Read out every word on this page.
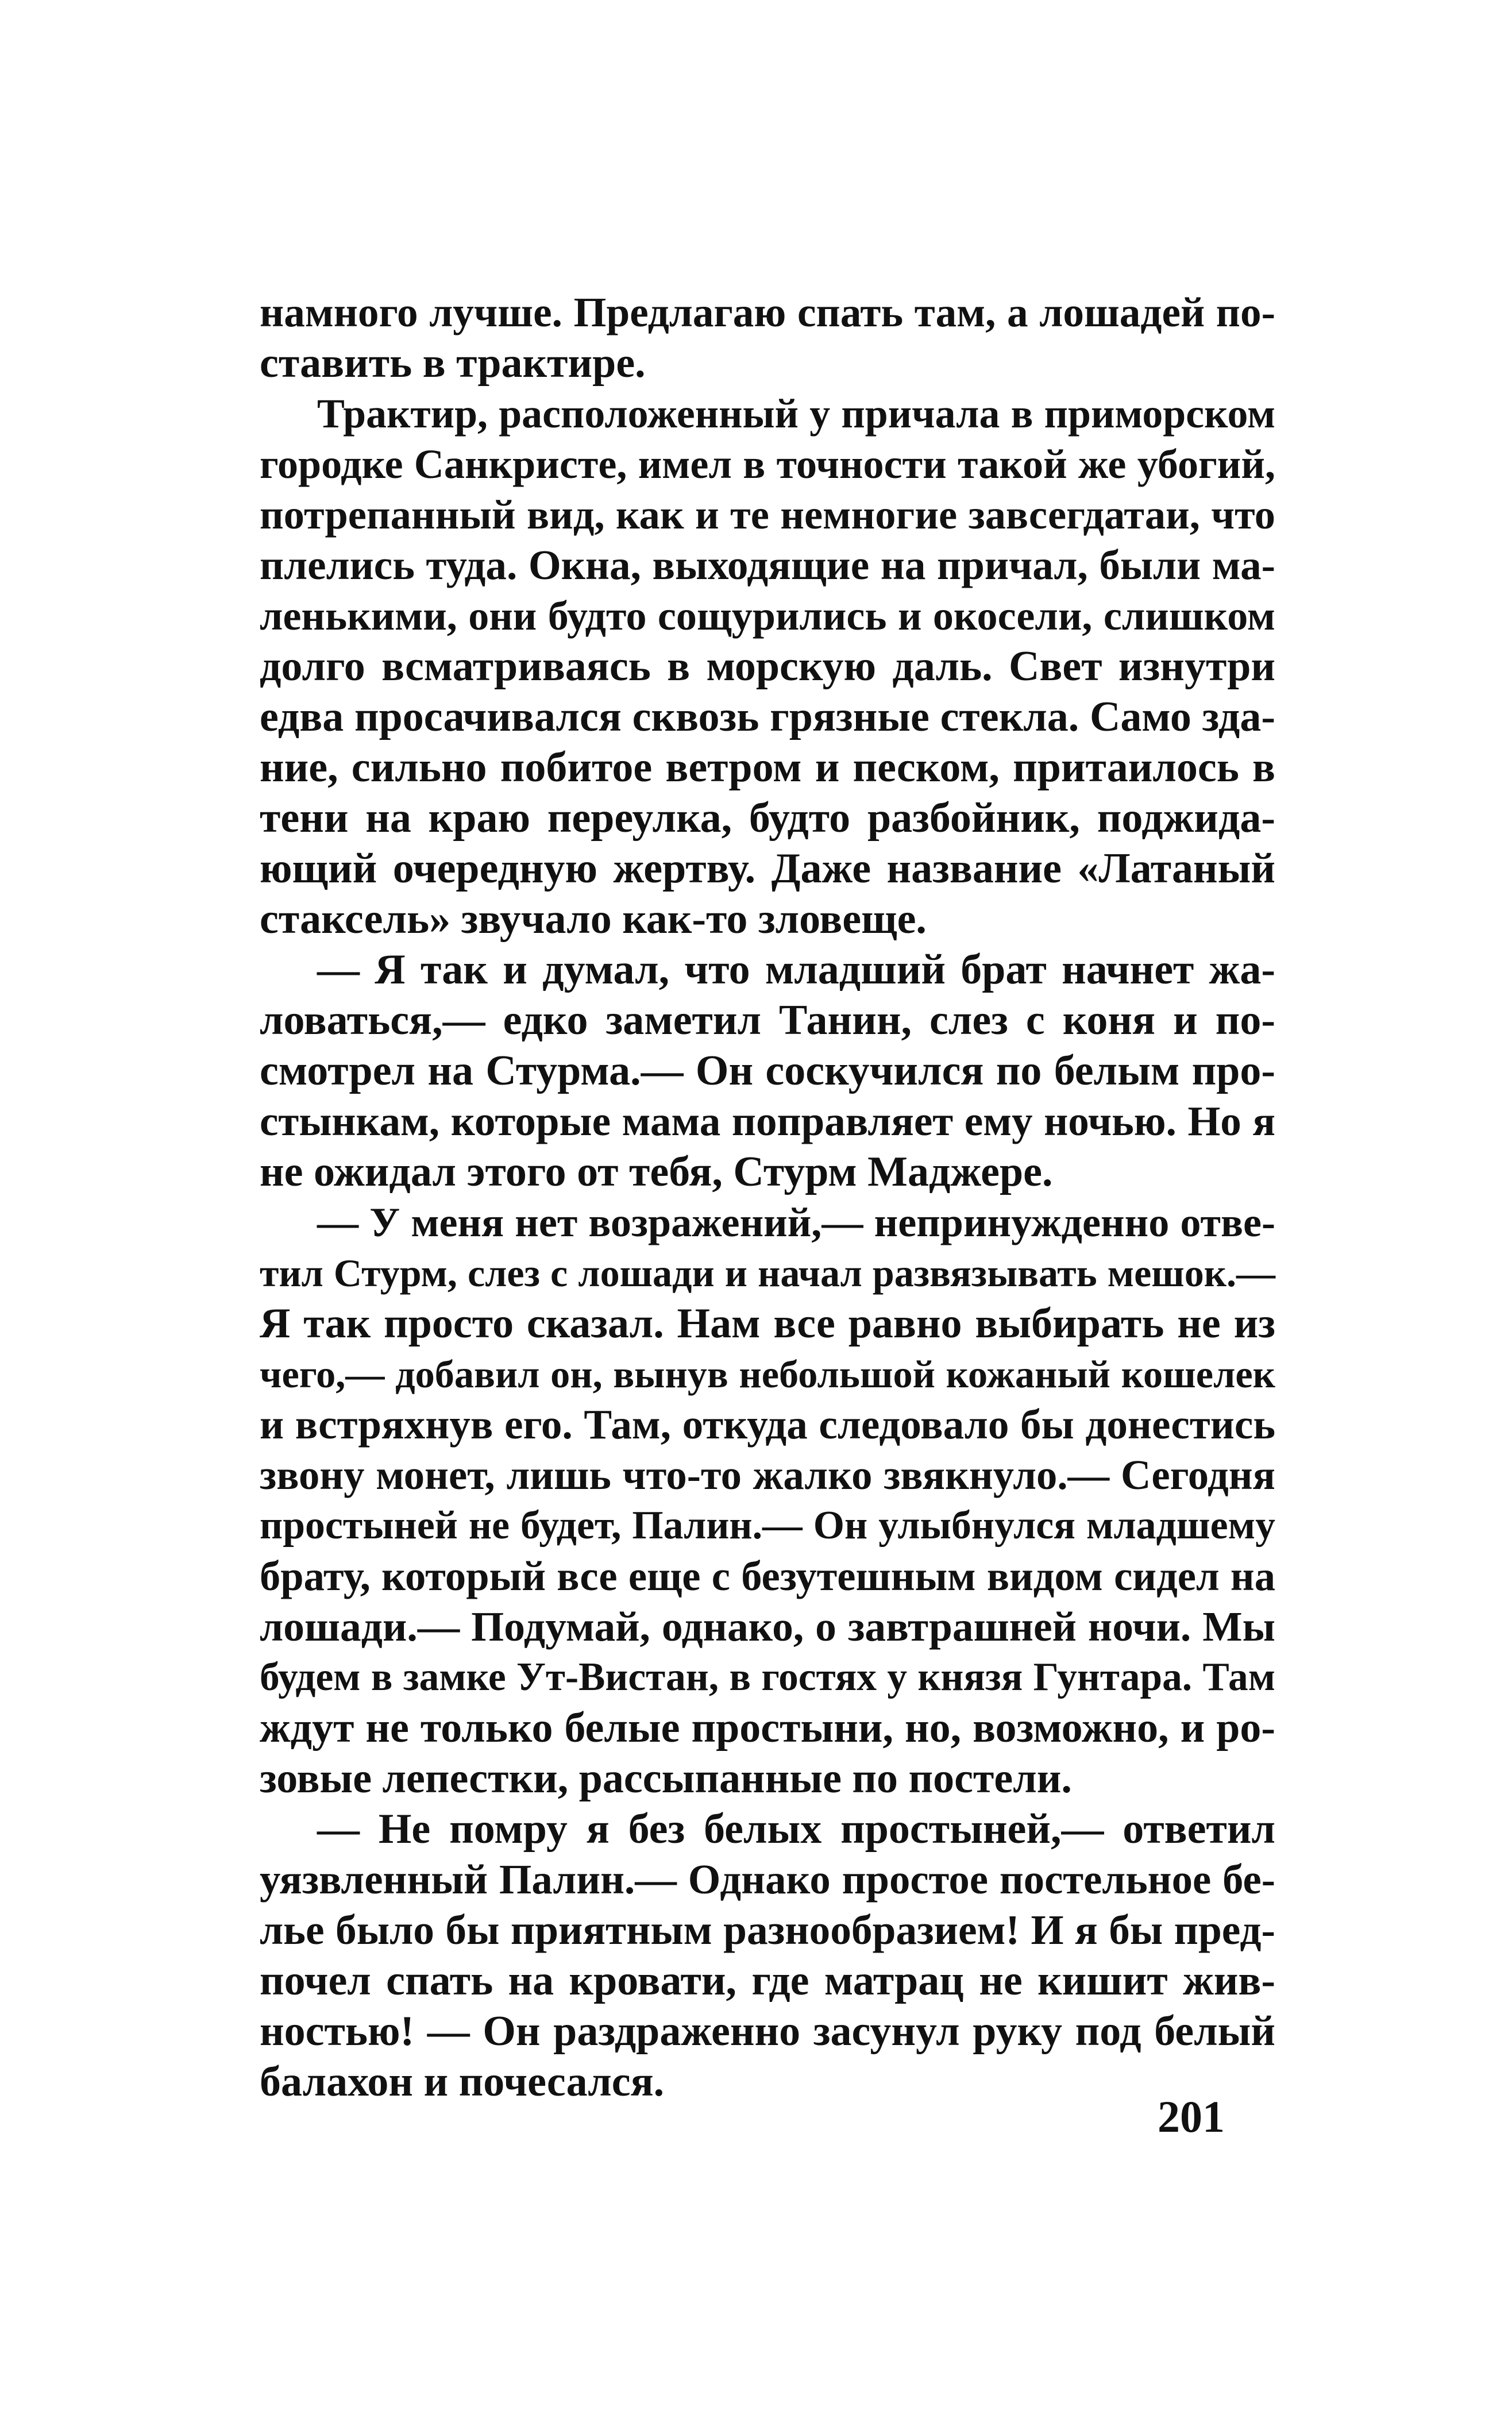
намного лучше. Предлагаю спать там, а лошадей по-
ставить в трактире.
Трактир, расположенный у причала в приморском
городке Санкристе, имел в точности такой же убогий,
потрепанный вид, как и те немногие завсегдатаи, что
плелись туда. Окна, выходящие на причал, были ма-
ленькими, они будто сощурились и окосели, слишком
долго всматриваясь в морскую даль. Свет изнутри
едва просачивался сквозь грязные стекла. Само зда-
ние, сильно побитое ветром и песком, притаилось в
тени на краю переулка, будто разбойник, поджида-
ющий очередную жертву. Даже название «Латаный
стаксель» звучало как-то зловеще.
— Я так и думал, что младший брат начнет жа-
ловаться,— едко заметил Танин, слез с коня и по-
смотрел на Стурма.— Он соскучился по белым про-
стынкам, которые мама поправляет ему ночью. Но я
не ожидал этого от тебя, Стурм Маджере.
— У меня нет возражений,— непринужденно отве-
тил Стурм, слез с лошади и начал развязывать мешок.—
Я так просто сказал. Нам все равно выбирать не из
чего,— добавил он, вынув небольшой кожаный кошелек
и встряхнув его. Там, откуда следовало бы донестись
звону монет, лишь что-то жалко звякнуло.— Сегодня
простыней не будет, Палин.— Он улыбнулся младшему
брату, который все еще с безутешным видом сидел на
лошади.— Подумай, однако, о завтрашней ночи. Мы
будем в замке Ут-Вистан, в гостях у князя Гунтара. Там
ждут не только белые простыни, но, возможно, и ро-
зовые лепестки, рассыпанные по постели.
— Не помру я без белых простыней,— ответил
уязвленный Палин.— Однако простое постельное бе-
лье было бы приятным разнообразием! И я бы пред-
почел спать на кровати, где матрац не кишит жив-
ностью! — Он раздраженно засунул руку под белый
балахон и почесался.
201
